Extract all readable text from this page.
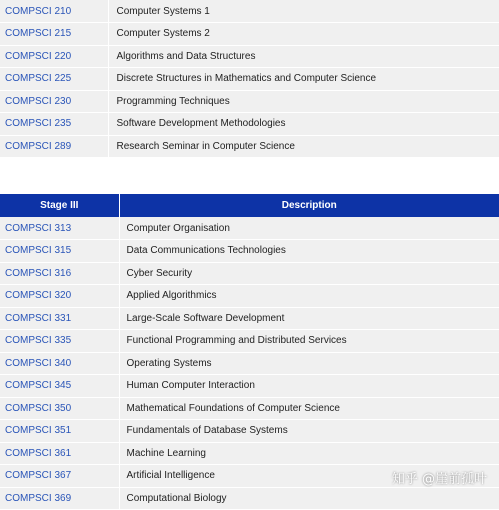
COMPSCI 210	Computer Systems 1
COMPSCI 215	Computer Systems 2
COMPSCI 220	Algorithms and Data Structures
COMPSCI 225	Discrete Structures in Mathematics and Computer Science
COMPSCI 230	Programming Techniques
COMPSCI 235	Software Development Methodologies
COMPSCI 289	Research Seminar in Computer Science
Stage III	Description
COMPSCI 313	Computer Organisation
COMPSCI 315	Data Communications Technologies
COMPSCI 316	Cyber Security
COMPSCI 320	Applied Algorithmics
COMPSCI 331	Large-Scale Software Development
COMPSCI 335	Functional Programming and Distributed Services
COMPSCI 340	Operating Systems
COMPSCI 345	Human Computer Interaction
COMPSCI 350	Mathematical Foundations of Computer Science
COMPSCI 351	Fundamentals of Database Systems
COMPSCI 361	Machine Learning
COMPSCI 367	Artificial Intelligence
COMPSCI 369	Computational Biology
知乎 @崖前孤叶
